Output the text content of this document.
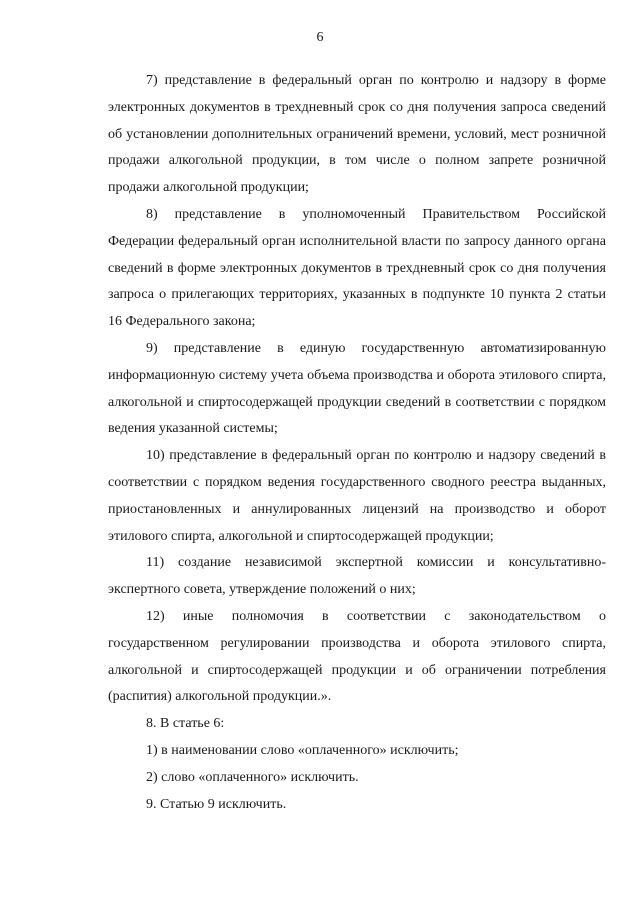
6

7) представление в федеральный орган по контролю и надзору в форме электронных документов в трехдневный срок со дня получения запроса сведений об установлении дополнительных ограничений времени, условий, мест розничной продажи алкогольной продукции, в том числе о полном запрете розничной продажи алкогольной продукции;

8) представление в уполномоченный Правительством Российской Федерации федеральный орган исполнительной власти по запросу данного органа сведений в форме электронных документов в трехдневный срок со дня получения запроса о прилегающих территориях, указанных в подпункте 10 пункта 2 статьи 16 Федерального закона;

9) представление в единую государственную автоматизированную информационную систему учета объема производства и оборота этилового спирта, алкогольной и спиртосодержащей продукции сведений в соответствии с порядком ведения указанной системы;

10) представление в федеральный орган по контролю и надзору сведений в соответствии с порядком ведения государственного сводного реестра выданных, приостановленных и аннулированных лицензий на производство и оборот этилового спирта, алкогольной и спиртосодержащей продукции;

11) создание независимой экспертной комиссии и консультативно-экспертного совета, утверждение положений о них;

12) иные полномочия в соответствии с законодательством о государственном регулировании производства и оборота этилового спирта, алкогольной и спиртосодержащей продукции и об ограничении потребления (распития) алкогольной продукции.».

8. В статье 6:

1) в наименовании слово «оплаченного» исключить;

2) слово «оплаченного» исключить.

9. Статью 9 исключить.
